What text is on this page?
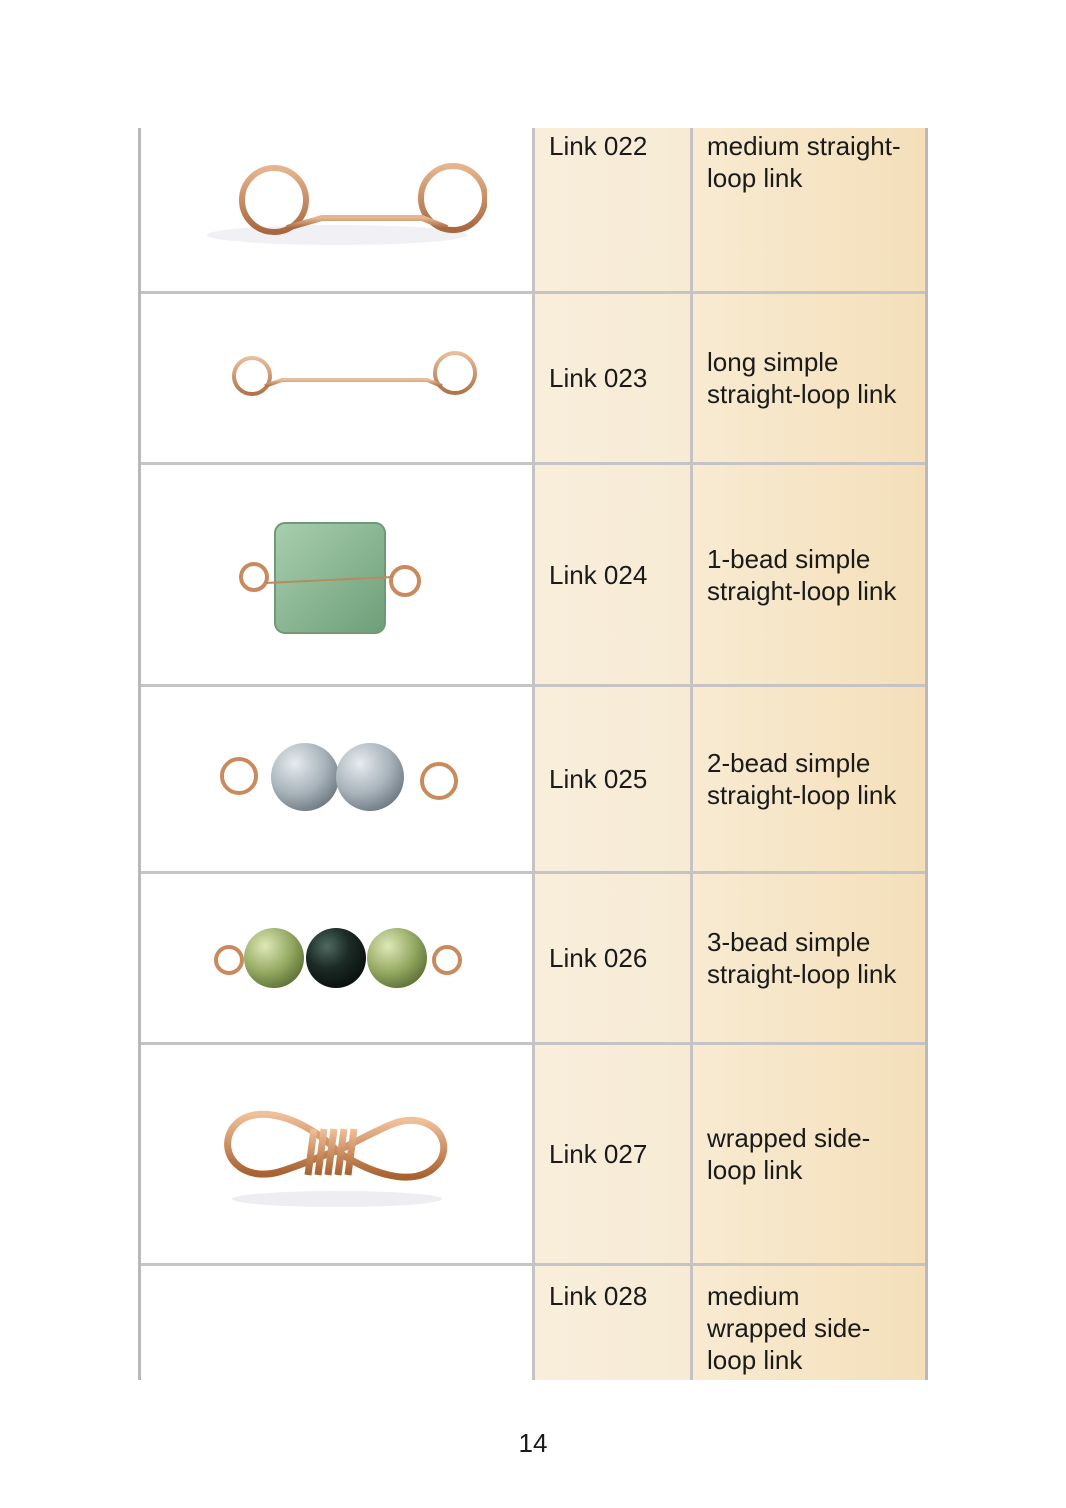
Link 022	medium straight-
loop link
Link 023
long simple
straight-loop link
Link 024
1-bead simple
straight-loop link
Link 025
2-bead simple
straight-loop link
Link 026
3-bead simple
straight-loop link
Link 027
wrapped side-
loop link
Link 028	medium
wrapped side-
loop link
14
